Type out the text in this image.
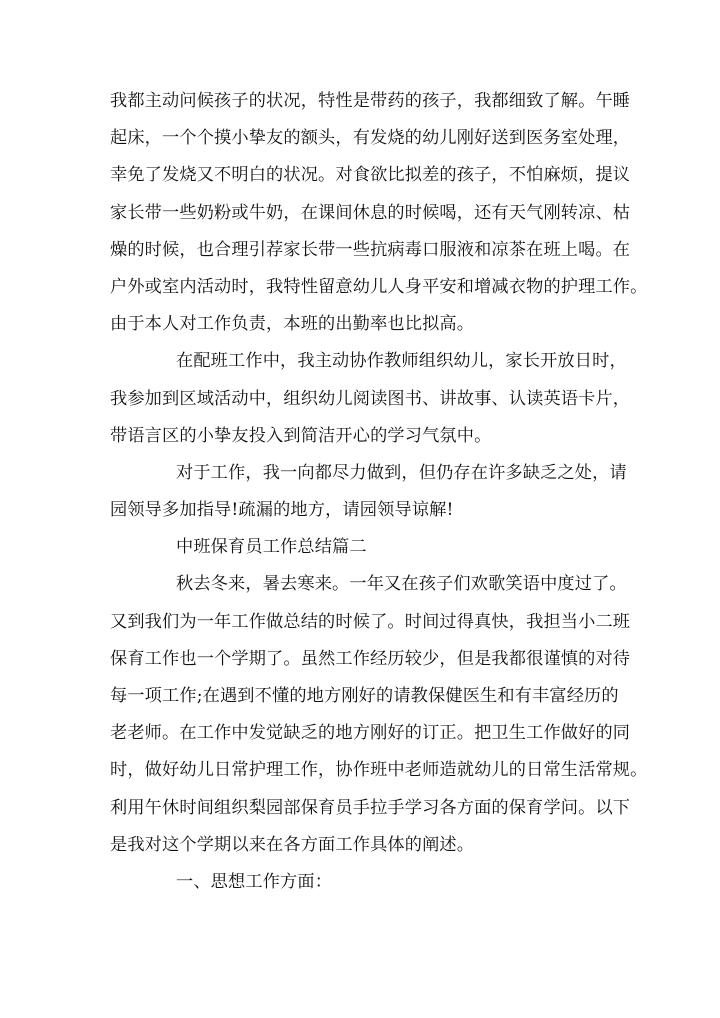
我都主动问候孩子的状况，特性是带药的孩子，我都细致了解。午睡
起床，一个个摸小挚友的额头，有发烧的幼儿刚好送到医务室处理，
幸免了发烧又不明白的状况。对食欲比拟差的孩子，不怕麻烦，提议
家长带一些奶粉或牛奶，在课间休息的时候喝，还有天气刚转凉、枯
燥的时候，也合理引荐家长带一些抗病毒口服液和凉茶在班上喝。在
户外或室内活动时，我特性留意幼儿人身平安和增减衣物的护理工作。
由于本人对工作负责，本班的出勤率也比拟高。
在配班工作中，我主动协作教师组织幼儿，家长开放日时，
我参加到区域活动中，组织幼儿阅读图书、讲故事、认读英语卡片，
带语言区的小挚友投入到简洁开心的学习气氛中。
对于工作，我一向都尽力做到，但仍存在许多缺乏之处，请
园领导多加指导!疏漏的地方，请园领导谅解!
中班保育员工作总结篇二
秋去冬来，暑去寒来。一年又在孩子们欢歌笑语中度过了。
又到我们为一年工作做总结的时候了。时间过得真快，我担当小二班
保育工作也一个学期了。虽然工作经历较少，但是我都很谨慎的对待
每一项工作;在遇到不懂的地方刚好的请教保健医生和有丰富经历的
老老师。在工作中发觉缺乏的地方刚好的订正。把卫生工作做好的同
时，做好幼儿日常护理工作，协作班中老师造就幼儿的日常生活常规。
利用午休时间组织梨园部保育员手拉手学习各方面的保育学问。以下
是我对这个学期以来在各方面工作具体的阐述。
一、思想工作方面：
